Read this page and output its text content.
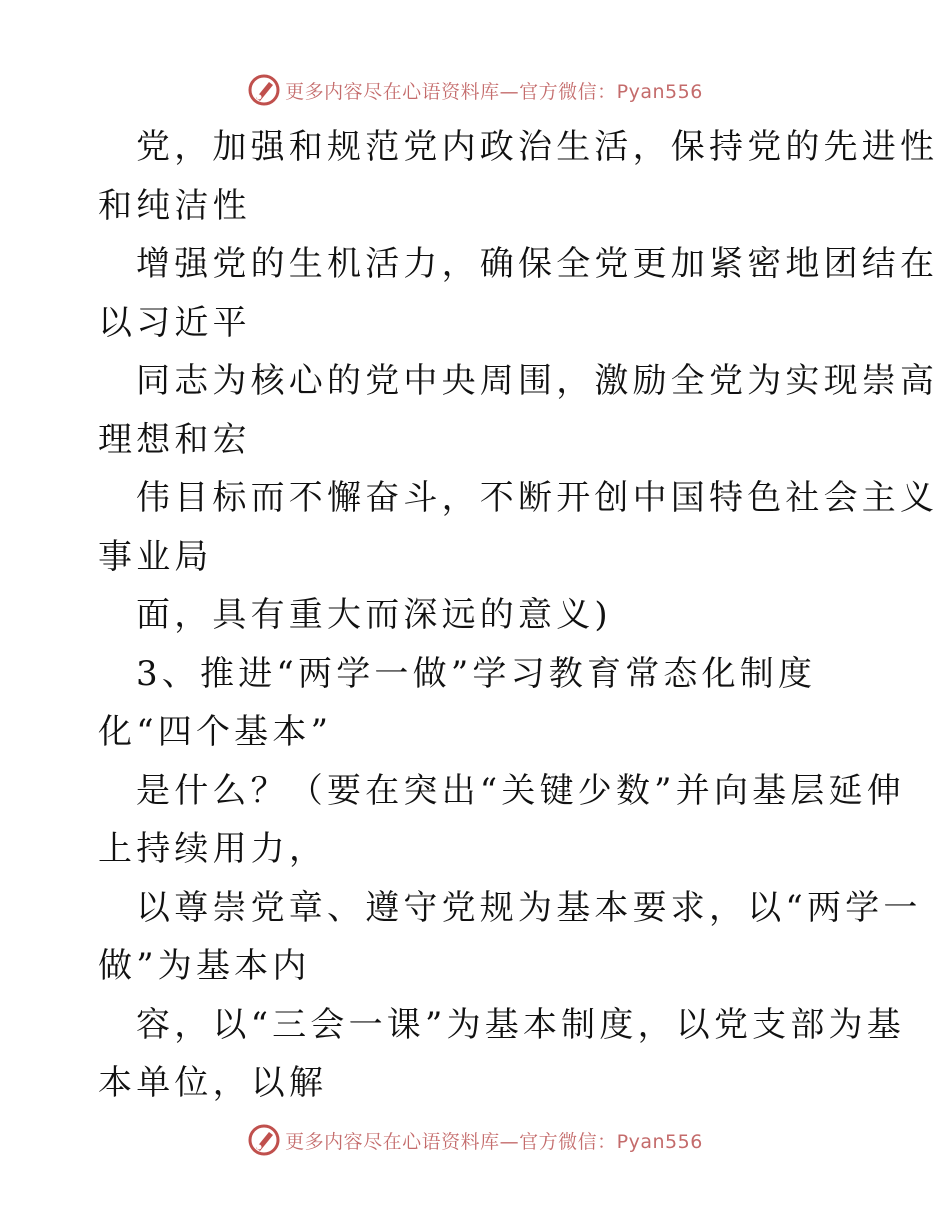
更多内容尽在心语资料库—官方微信：Pyan556
党，加强和规范党内政治生活，保持党的先进性
和纯洁性
增强党的生机活力，确保全党更加紧密地团结在
以习近平
同志为核心的党中央周围，激励全党为实现崇高
理想和宏
伟目标而不懈奋斗，不断开创中国特色社会主义
事业局
面，具有重大而深远的意义)
3、推进“两学一做”学习教育常态化制度
化“四个基本”
是什么？（要在突出“关键少数”并向基层延伸
上持续用力，
以尊崇党章、遵守党规为基本要求，以“两学一
做”为基本内
容，以“三会一课”为基本制度，以党支部为基
本单位，以解
更多内容尽在心语资料库—官方微信：Pyan556
